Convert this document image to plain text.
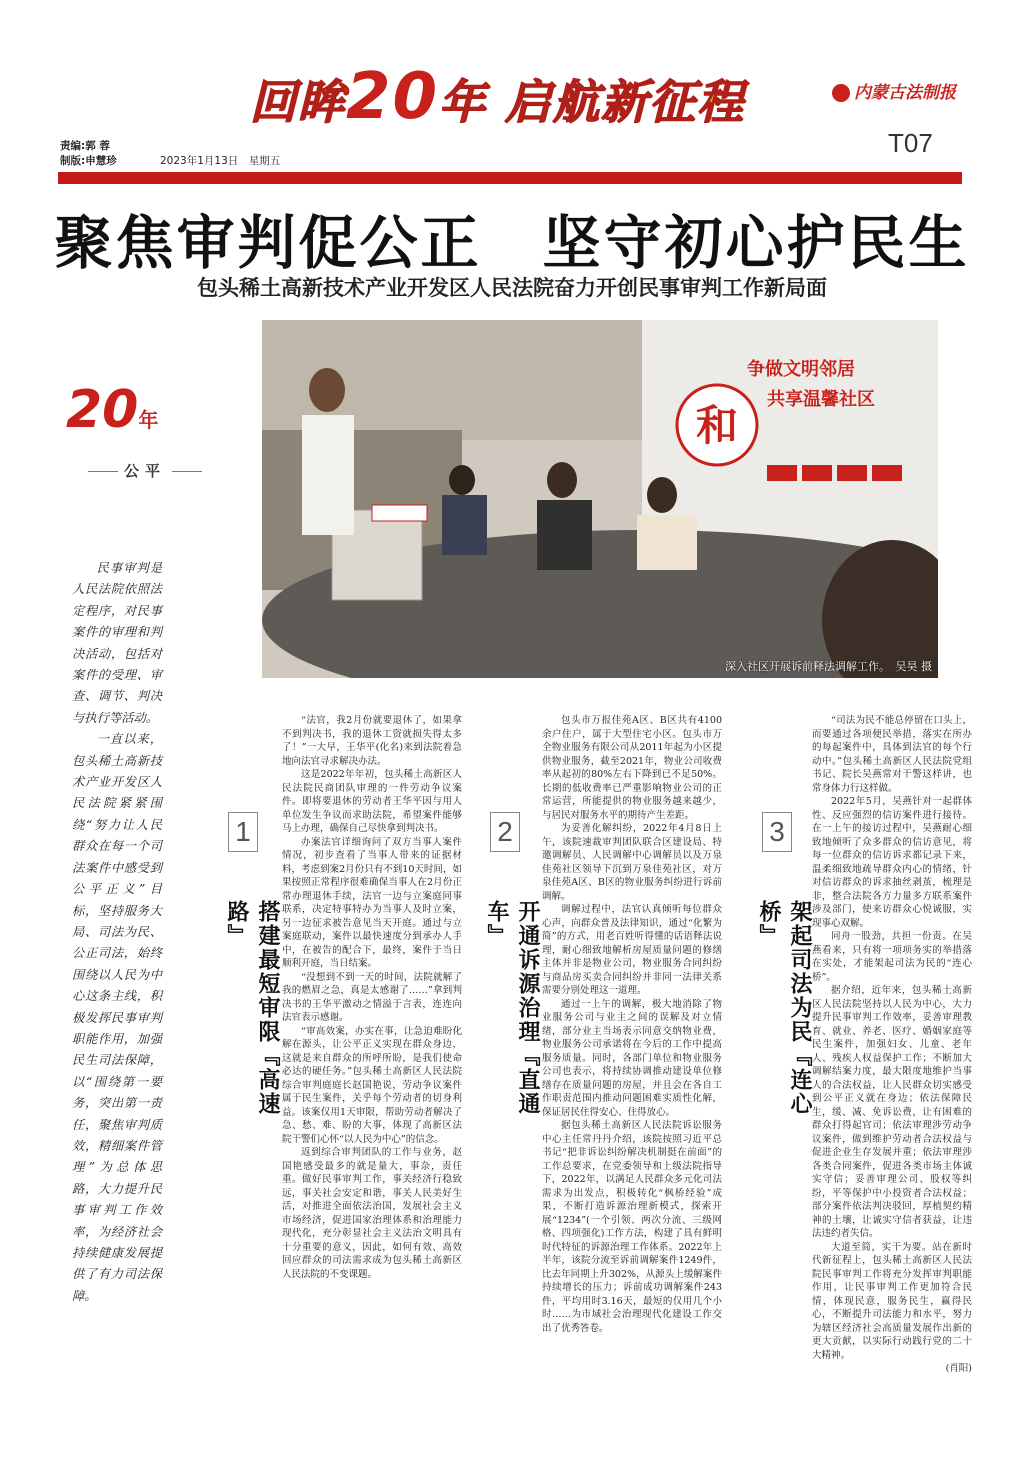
回眸20年 启航新征程	内蒙古法制报
责编:郭 蓉
制版:申慧珍	2023年1月13日　星期五
T07
聚焦审判促公正　坚守初心护民生
包头稀土高新技术产业开发区人民法院奋力开创民事审判工作新局面
20年
公平

民事审判是人民法院依照法定程序，对民事案件的审理和判决活动，包括对案件的受理、审查、调节、判决与执行等活动。

一直以来，包头稀土高新技术产业开发区人民法院紧紧围绕“努力让人民群众在每一个司法案件中感受到公平正义”目标，坚持服务大局、司法为民、公正司法，始终围绕以人民为中心这条主线，积极发挥民事审判职能作用，加强民生司法保障，以“围绕第一要务，突出第一责任，聚焦审判质效，精细案件管理”为总体思路，大力提升民事审判工作效率，为经济社会持续健康发展提供了有力司法保障。

和
争做文明邻居
共享温馨社区
深入社区开展诉前释法调解工作。　吴昊 摄
1
搭建最短审限『高速路』

“法官，我2月份就要退休了，如果拿不到判决书，我的退休工资就损失得太多了！”一大早，王华平(化名)来到法院着急地向法官寻求解决办法。

这是2022年年初，包头稀土高新区人民法院民商团队审理的一件劳动争议案件。即将要退休的劳动者王华平因与用人单位发生争议而求助法院，希望案件能够马上办理，确保自己尽快拿到判决书。

办案法官详细询问了双方当事人案件情况，初步查看了当事人带来的证据材料，考虑到案2月份只有不到10天时间，如果按照正常程序很难确保当事人在2月份正常办理退休手续，法官一边与立案庭同事联系，决定特事特办为当事人及时立案，另一边征求被告意见当天开庭。通过与立案庭联动，案件以最快速度分到承办人手中，在被告的配合下，最终，案件于当日顺利开庭，当日结案。

“没想到不到一天的时间，法院就解了我的燃眉之急，真是太感谢了……”拿到判决书的王华平激动之情溢于言表，连连向法官表示感谢。

“审高效案，办实在事，让急迫难盼化解在源头，让公平正义实现在群众身边，这就是来自群众的所呼所盼，是我们使命必达的硬任务。”包头稀土高新区人民法院综合审判庭庭长赵国艳说，劳动争议案件属于民生案件，关乎每个劳动者的切身利益。该案仅用1天审限，帮助劳动者解决了急、愁、难、盼的大事，体现了高新区法院干警们心怀“以人民为中心”的信念。

返到综合审判团队的工作与业务，赵国艳感受最多的就是量大，事杂，责任重。做好民事审判工作，事关经济行稳致远，事关社会安定和谐，事关人民美好生活，对推进全面依法治国，发展社会主义市场经济，促进国家治理体系和治理能力现代化，充分彰显社会主义法治文明具有十分重要的意义，因此，如何有效、高效回应群众的司法需求成为包头稀土高新区人民法院的不变课题。

2
开通诉源治理『直通车』

包头市万报佳苑A区、B区共有4100余户住户，属于大型住宅小区。包头市万全物业服务有限公司从2011年起为小区提供物业服务，截至2021年，物业公司收费率从起初的80%左右下降到已不足50%。长期的低收费率已严重影响物业公司的正常运营，所能提供的物业服务越来越少，与居民对服务水平的期待产生差距。

为妥善化解纠纷，2022年4月8日上午，该院速裁审判团队联合区建设局、特邀调解员、人民调解中心调解员以及万泉佳苑社区领导下沉到万泉佳苑社区，对万泉佳苑A区、B区的物业服务纠纷进行诉前调解。

调解过程中，法官认真倾听每位群众心声，向群众普及法律知识，通过“化繁为简”的方式，用老百姓听得懂的话语释法说理，耐心细致地解析房屋质量问题的修缮主体并非是物业公司，物业服务合同纠纷与商品房买卖合同纠纷并非同一法律关系需要分别处理这一道理。

通过一上午的调解，极大地消除了物业服务公司与业主之间的误解及对立情绪，部分业主当场表示同意交纳物业费，物业服务公司承诺将在今后的工作中提高服务质量。同时，各部门单位和物业服务公司也表示，将持续协调推动建设单位修缮存在质量问题的房屋，并且会在各自工作职责范围内推动问题困难实质性化解，保证居民住得安心、住得放心。

据包头稀土高新区人民法院诉讼服务中心主任常丹丹介绍，该院按照习近平总书记“把非诉讼纠纷解决机制挺在前面”的工作总要求，在党委领导和上级法院指导下，2022年，以满足人民群众多元化司法需求为出发点，积极转化“枫桥经验”成果，不断打造诉源治理新模式，探索开展“1234”(一个引领、两次分流、三级网格、四项强化)工作方法，构建了具有鲜明时代特征的诉源治理工作体系。2022年上半年，该院分流至诉前调解案件1249件，比去年同期上升302%，从源头上缓解案件持续增长的压力；诉前成功调解案件243件，平均用时3.16天，最短的仅用几个小时……为市域社会治理现代化建设工作交出了优秀答卷。

3
架起司法为民『连心桥』

“司法为民不能总停留在口头上，而要通过各项便民举措，落实在所办的每起案件中，具体到法官的每个行动中。”包头稀土高新区人民法院党组书记、院长吴燕常对干警这样讲，也常身体力行这样做。

2022年5月，吴燕针对一起群体性、反应强烈的信访案件进行接待。在一上午的接访过程中，吴燕耐心细致地倾听了众多群众的信访意见，将每一位群众的信访诉求都记录下来，温柔细致地疏导群众内心的情绪，针对信访群众的诉求抽丝剥茧，梳理是非，整合法院各方力量多方联系案件涉及部门，使来访群众心悦诚服，实现事心双解。

同舟一股劲，共担一份责。在吴燕看来，只有将一项项务实的举措落在实处，才能架起司法为民的“连心桥”。

据介绍，近年来，包头稀土高新区人民法院坚持以人民为中心，大力提升民事审判工作效率，妥善审理教育、就业、养老、医疗、婚姻家庭等民生案件，加强妇女、儿童、老年人、残疾人权益保护工作；不断加大调解结案力度，最大限度地维护当事人的合法权益，让人民群众切实感受到公平正义就在身边；依法保障民生，缓、减、免诉讼费，让有困难的群众打得起官司；依法审理涉劳动争议案件，做到维护劳动者合法权益与促进企业生存发展并重；依法审理涉各类合同案件，促进各类市场主体诚实守信；妥善审理公司、股权等纠纷，平等保护中小投资者合法权益；部分案件依法判决驳回，厚植契约精神的土壤，让诚实守信者获益，让违法违约者失信。

大道至简，实干为要。站在新时代新征程上，包头稀土高新区人民法院民事审判工作将充分发挥审判职能作用，让民事审判工作更加符合民情，体现民意，服务民生，赢得民心，不断提升司法能力和水平，努力为辖区经济社会高质量发展作出新的更大贡献，以实际行动践行党的二十大精神。

(肖阳)
